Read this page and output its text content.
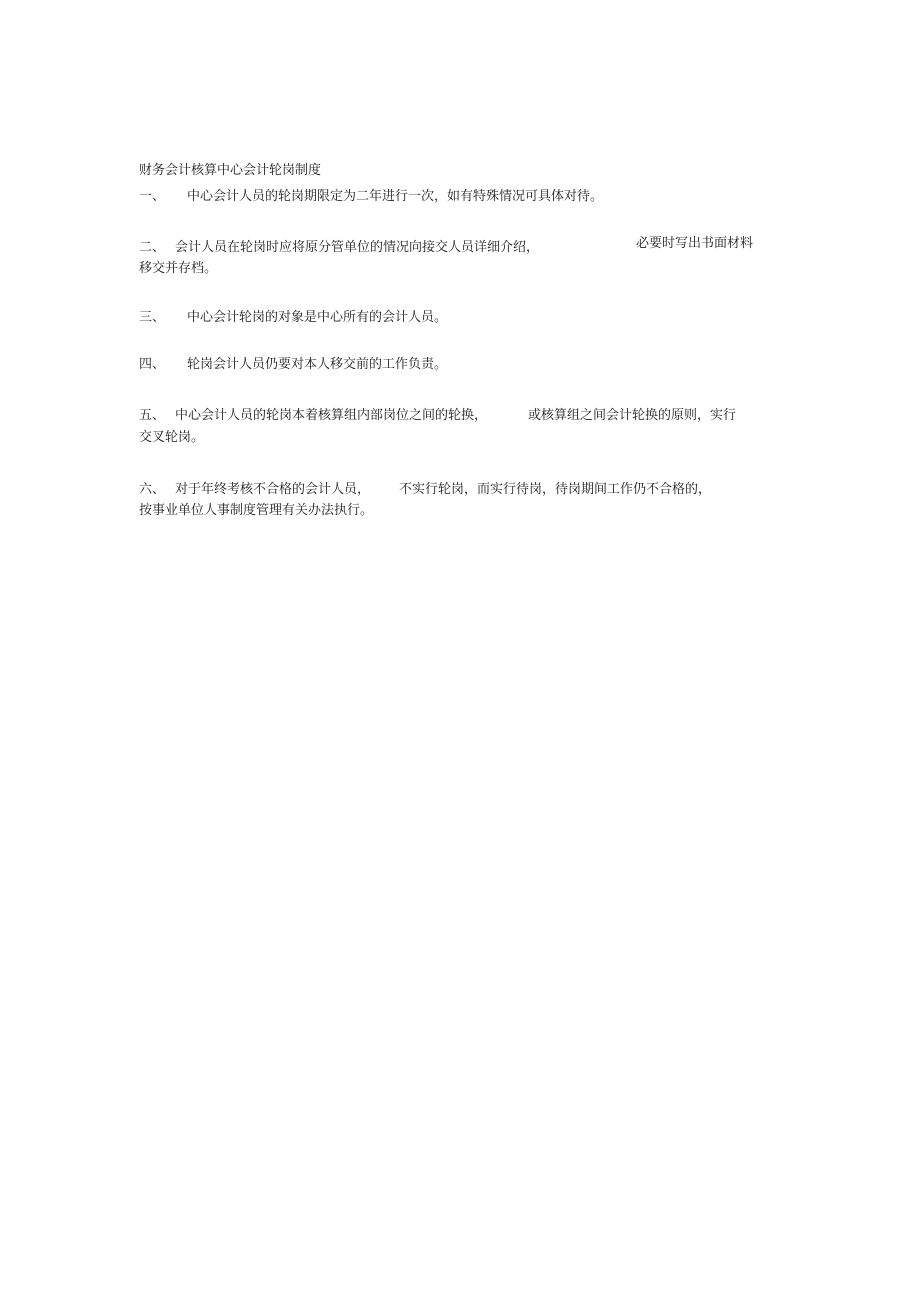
财务会计核算中心会计轮岗制度
一、 中心会计人员的轮岗期限定为二年进行一次，如有特殊情况可具体对待。
二、 会计人员在轮岗时应将原分管单位的情况向接交人员详细介绍，	必要时写出书面材料
移交并存档。
三、 中心会计轮岗的对象是中心所有的会计人员。
四、 轮岗会计人员仍要对本人移交前的工作负责。
五、 中心会计人员的轮岗本着核算组内部岗位之间的轮换，	或核算组之间会计轮换的原则，实行
交叉轮岗。
六、 对于年终考核不合格的会计人员， 不实行轮岗，而实行待岗，待岗期间工作仍不合格的，
按事业单位人事制度管理有关办法执行。
